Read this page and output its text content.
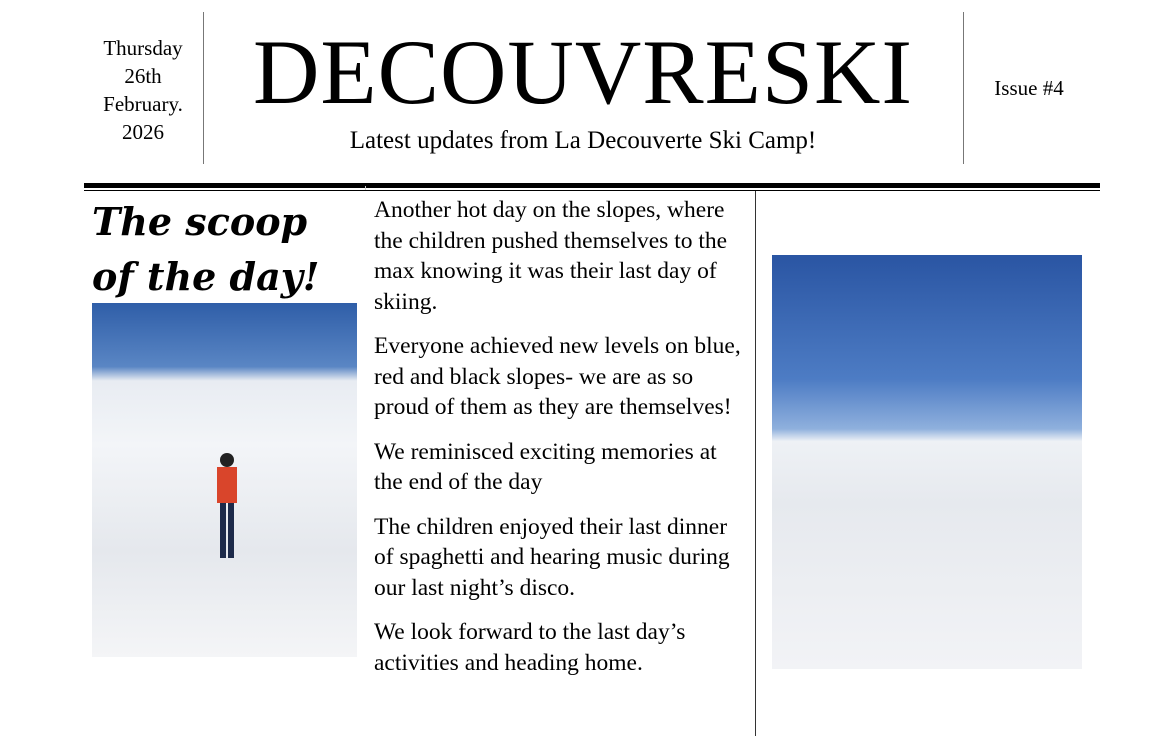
Thursday
26th
February.
2026
DECOUVRESKI
Latest updates from La Decouverte Ski Camp!
Issue #4
The scoop
of the day!

Another hot day on the slopes, where the children pushed themselves to the max knowing it was their last day of skiing.

Everyone achieved new levels on blue, red and black slopes- we are as so proud of them as they are themselves!

We reminisced exciting memories at the end of the day

The children enjoyed their last dinner of spaghetti and hearing music during our last night’s disco.

We look forward to the last day’s activities and heading home.
